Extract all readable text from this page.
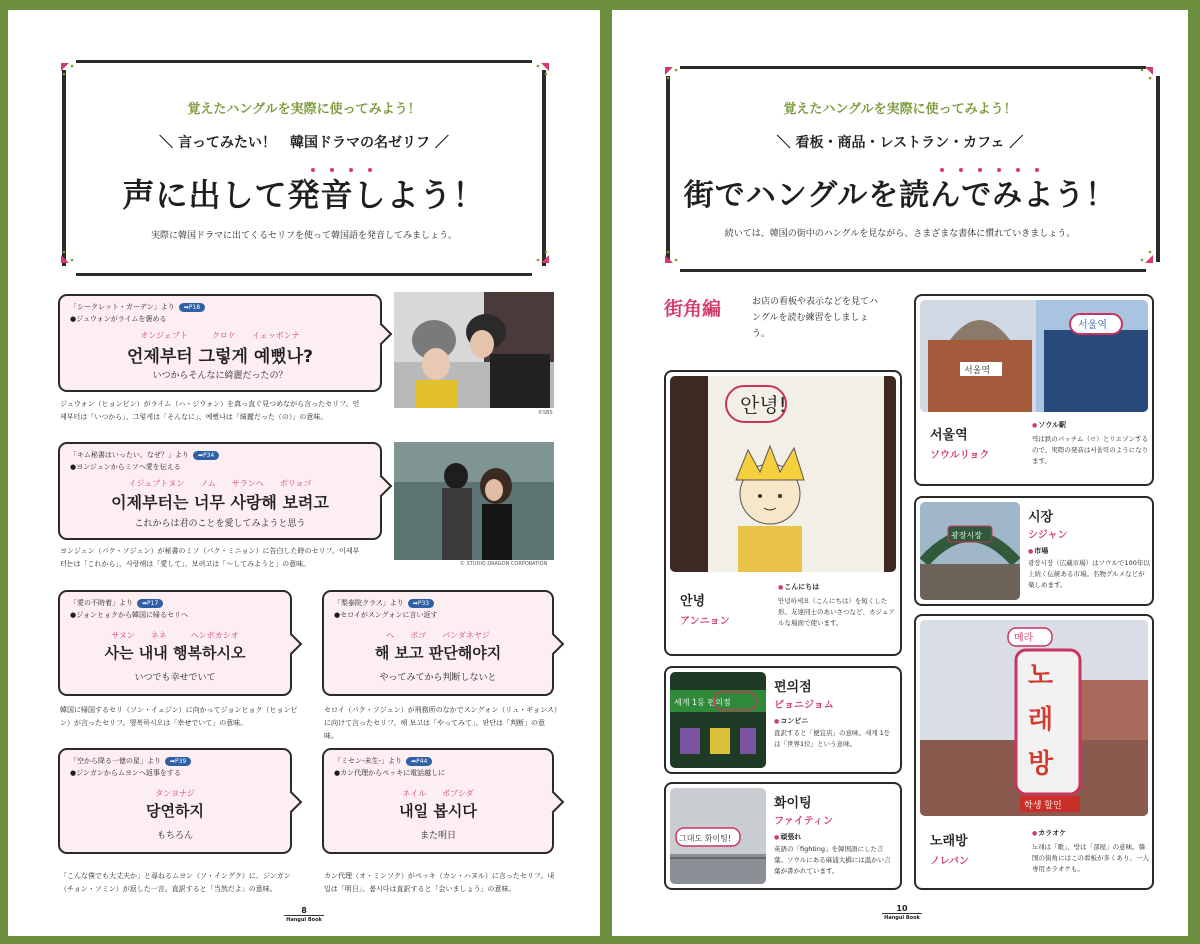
覚えたハングルを実際に使ってみよう！
＼ 言ってみたい！　韓国ドラマの名ゼリフ ／
声に出して発音しよう！
実際に韓国ドラマに出てくるセリフを使って韓国語を発音してみましょう。
「シークレット・ガーデン」より ➡P18
●ジュウォンがライムを褒める
オンジェブト　　　クロケ　　イェッポンナ
언제부터 그렇게 예뻤나?
いつからそんなに綺麗だったの？
©SBS
ジュウォン（ヒョンビン）がライム（ハ・ジウォン）を真っ直ぐ見つめながら言ったセリフ。언제부터は「いつから」、그렇게は「そんなに」、예뻤나は「綺麗だった（の）」の意味。
「キム秘書はいったい、なぜ？」より ➡P34
●ヨンジュンからミソへ愛を伝える
イジェブトヌン　　ノム　　サランヘ　　ボリョゴ
이제부터는 너무 사랑해 보려고
これからは君のことを愛してみようと思う
© STUDIO DRAGON CORPORATION
ヨンジュン（パク・ソジュン）が秘書のミソ（パク・ミニョン）に告白した時のセリフ。이제부터는は「これから」、사랑해は「愛して」、보려고は「〜してみようと」の意味。
「愛の不時着」より ➡P17
●ジョンヒョクから韓国に帰るセリへ
サヌン　　ネネ　　　ヘンボカシオ
사는 내내 행복하시오
いつでも幸せでいて
韓国に帰国するセリ（ソン・イェジン）に向かってジョンヒョク（ヒョンビン）が言ったセリフ。행복하시오は「幸せでいて」の意味。
「梨泰院クラス」より ➡P33
●セロイがスングォンに言い返す
ヘ　　ボゴ　　パンダネヤジ
해 보고 판단해야지
やってみてから判断しないと
セロイ（パク・ソジュン）が刑務所のなかでスングォン（リュ・ギョンス）に向けて言ったセリフ。해 보고は「やってみて」、판단は「判断」の意味。
「空から降る一億の星」より ➡P39
●ジンガンからムヨンへ返事をする
タンヨナジ
당연하지
もちろん
「こんな僕でも大丈夫か」と尋ねるムヨン（ソ・イングク）に、ジンガン（チョン・ソミン）が返した一言。直訳すると「当然だよ」の意味。
「ミセン-未生-」より ➡P44
●カン代理からペッキに電話越しに
ネイル　　ポプシダ
내일 봅시다
また明日
カン代理（オ・ミンソク）がペッキ（カン・ハヌル）に言ったセリフ。내일は「明日」、봅시다は直訳すると「会いましょう」の意味。
8
Hangul Book
覚えたハングルを実際に使ってみよう！
＼ 看板・商品・レストラン・カフェ ／
街でハングルを読んでみよう！
続いては、韓国の街中のハングルを見ながら、さまざまな書体に慣れていきましょう。
街角編	お店の看板や表示などを見てハングルを読む練習をしましょう。
안녕!
안녕
アンニョン
● こんにちは
안녕하세요（こんにちは）を短くした形。友達同士のあいさつなど、カジュアルな場面で使います。
서울역
서울역
서울역
ソウルリョク
● ソウル駅
역は鉄のパッチム（ㄹ）とリエゾンするので、実際の発音は서울력のようになります。
광장시장
시장
シジャン
● 市場
광장시장（広蔵市場）はソウルで100年以上続く伝統ある市場。名物グルメなどが楽しめます。
세계 1등 편의점
편의점
ピョニジョム
● コンビニ
直訳すると「便宜店」の意味。세계 1등は「世界1位」という意味。
그대도 화이팅!
화이팅
ファイティン
● 頑張れ
英語の「fighting」を韓国語にした言葉。ソウルにある麻浦大橋には温かい言葉が書かれています。
메라
노
래
방
학생 할인
노래방
ノレバン
● カラオケ
노래は「歌」、방は「部屋」の意味。韓国の街角にはこの看板が多くあり、一人専用カラオケも。
10
Hangul Book
